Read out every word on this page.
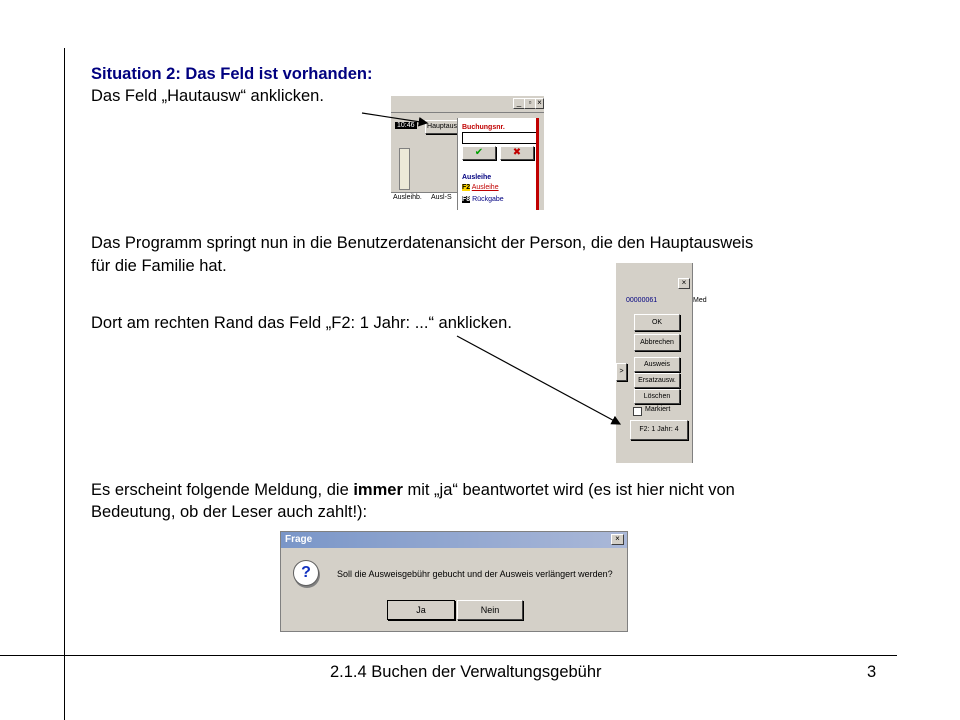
Situation 2: Das Feld ist vorhanden:
Das Feld „Hautausw“ anklicken.
Das Programm springt nun in die Benutzerdatenansicht der Person, die den Hauptausweis
für die Familie hat.
Dort am rechten Rand das Feld „F2: 1 Jahr: ...“ anklicken.
Es erscheint folgende Meldung, die immer mit „ja“ beantwortet wird (es ist hier nicht von
Bedeutung, ob der Leser auch zahlt!):
_ ▫ ×
10:46 Hauptaus Buchungsnr.
✔	✖
Ausleihe
F2 Ausleihe
F8 Rückgabe
Ausleihb. Ausl-S
×
00000061	Med
>
OK
Abbrechen
Ausweis
Ersatzausw.
Löschen
Markiert
F2: 1 Jahr: 4
Frage	×
?	Soll die Ausweisgebühr gebucht und der Ausweis verlängert werden?
Ja	Nein
2.1.4 Buchen der Verwaltungsgebühr	3
